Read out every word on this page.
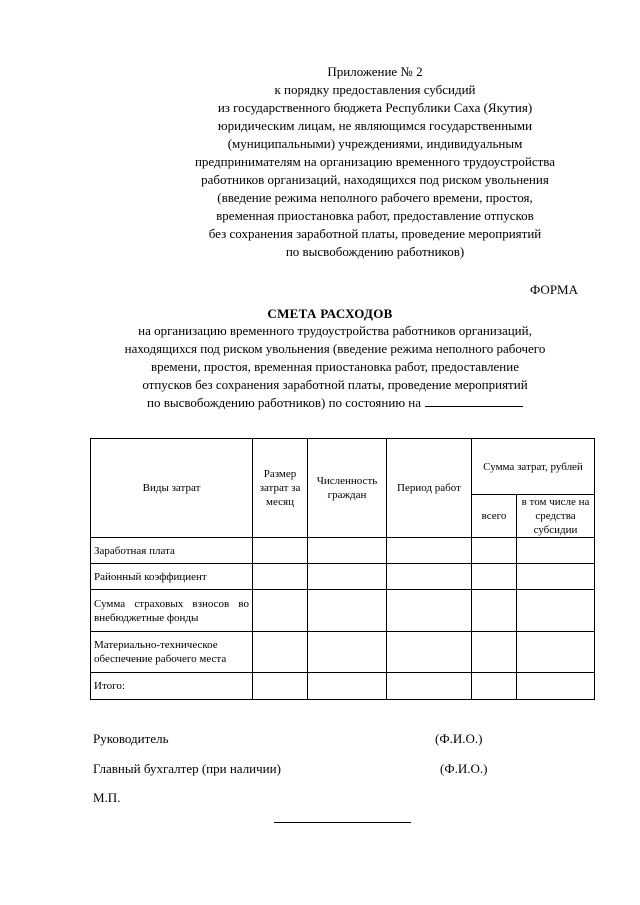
Приложение № 2
к порядку предоставления субсидий
из государственного бюджета Республики Саха (Якутия)
юридическим лицам, не являющимся государственными
(муниципальными) учреждениями, индивидуальным
предпринимателям на организацию временного трудоустройства
работников организаций, находящихся под риском увольнения
(введение режима неполного рабочего времени, простоя,
временная приостановка работ, предоставление отпусков
без сохранения заработной платы, проведение мероприятий
по высвобождению работников)
ФОРМА
СМЕТА РАСХОДОВ
на организацию временного трудоустройства работников организаций,
находящихся под риском увольнения (введение режима неполного рабочего
времени, простоя, временная приостановка работ, предоставление
отпусков без сохранения заработной платы, проведение мероприятий
по высвобождению работников) по состоянию на
Виды затрат	Размер затрат за месяц	Численность граждан	Период работ	Сумма затрат, рублей	
				всего	в том числе на средства субсидии
Заработная плата					
Районный коэффициент					
Сумма страховых взносов во внебюджетные фонды					
Материально-техническое обеспечение рабочего места					
Итого:					
Руководитель	(Ф.И.О.)
Главный бухгалтер (при наличии)	(Ф.И.О.)
М.П.
